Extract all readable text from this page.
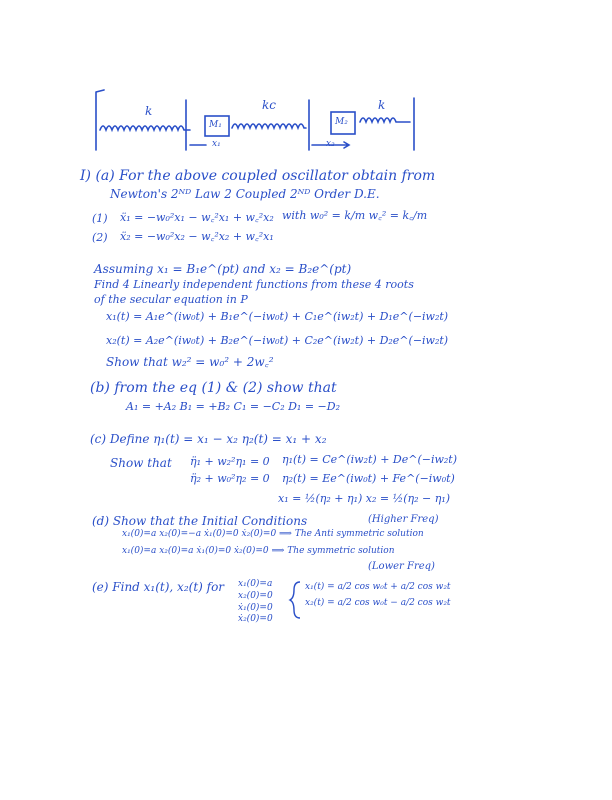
k
M₁
kc
M₂
k
x₁	x₂
I) (a) For the above coupled oscillator obtain from
Newton's 2ᴺᴰ Law 2 Coupled 2ᴺᴰ Order D.E.
(1) ẍ₁ = −w₀²x₁ − w꜀²x₁ + w꜀²x₂ with w₀² = k/m w꜀² = k꜀/m
(2) ẍ₂ = −w₀²x₂ − w꜀²x₂ + w꜀²x₁
Assuming x₁ = B₁e^(pt) and x₂ = B₂e^(pt)
Find 4 Linearly independent functions from these 4 roots
of the secular equation in P
x₁(t) = A₁e^(iw₀t) + B₁e^(−iw₀t) + C₁e^(iw₂t) + D₁e^(−iw₂t)
x₂(t) = A₂e^(iw₀t) + B₂e^(−iw₀t) + C₂e^(iw₂t) + D₂e^(−iw₂t)
Show that w₂² = w₀² + 2w꜀²
(b) from the eq (1) & (2) show that
A₁ = +A₂ B₁ = +B₂ C₁ = −C₂ D₁ = −D₂
(c) Define η₁(t) = x₁ − x₂ η₂(t) = x₁ + x₂
Show that η̈₁ + w₂²η₁ = 0
η̈₂ + w₀²η₂ = 0
η₁(t) = Ce^(iw₂t) + De^(−iw₂t)
η₂(t) = Ee^(iw₀t) + Fe^(−iw₀t)
x₁ = ½(η₂ + η₁) x₂ = ½(η₂ − η₁)
(d) Show that the Initial Conditions	(Higher Freq)
x₁(0)=a x₂(0)=−a ẋ₁(0)=0 ẋ₂(0)=0 ⟹ The Anti symmetric solution
x₁(0)=a x₂(0)=a ẋ₁(0)=0 ẋ₂(0)=0 ⟹ The symmetric solution
(Lower Freq)
(e) Find x₁(t), x₂(t) for x₁(0)=a
x₂(0)=0
ẋ₁(0)=0
ẋ₂(0)=0
x₁(t) = a/2 cos w₀t + a/2 cos w₂t
x₂(t) = a/2 cos w₀t − a/2 cos w₂t
